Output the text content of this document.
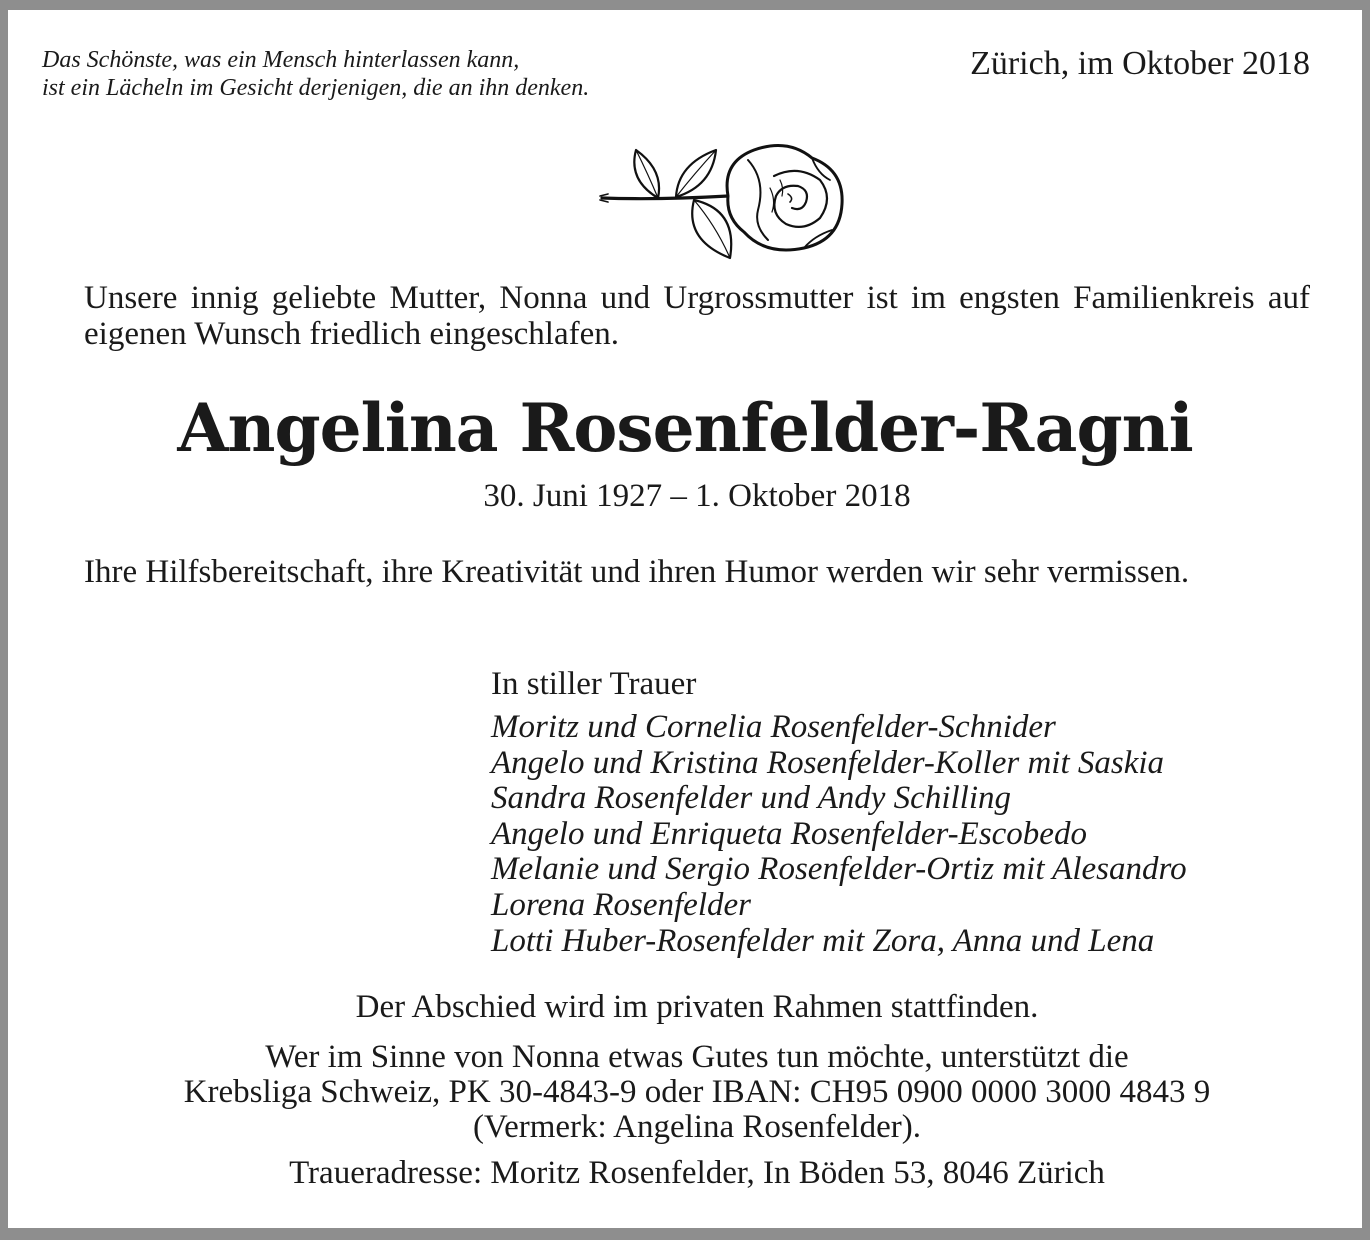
Das Schönste, was ein Mensch hinterlassen kann,
ist ein Lächeln im Gesicht derjenigen, die an ihn denken.
Zürich, im Oktober 2018
Unsere innig geliebte Mutter, Nonna und Urgrossmutter ist im engsten Familienkreis auf eigenen Wunsch friedlich eingeschlafen.
Angelina Rosenfelder-Ragni
30. Juni 1927 – 1. Oktober 2018
Ihre Hilfsbereitschaft, ihre Kreativität und ihren Humor werden wir sehr vermissen.
In stiller Trauer
Moritz und Cornelia Rosenfelder-Schnider
Angelo und Kristina Rosenfelder-Koller mit Saskia
Sandra Rosenfelder und Andy Schilling
Angelo und Enriqueta Rosenfelder-Escobedo
Melanie und Sergio Rosenfelder-Ortiz mit Alesandro
Lorena Rosenfelder
Lotti Huber-Rosenfelder mit Zora, Anna und Lena
Der Abschied wird im privaten Rahmen stattfinden.
Wer im Sinne von Nonna etwas Gutes tun möchte, unterstützt die
Krebsliga Schweiz, PK 30-4843-9 oder IBAN: CH95 0900 0000 3000 4843 9
(Vermerk: Angelina Rosenfelder).
Traueradresse: Moritz Rosenfelder, In Böden 53, 8046 Zürich
